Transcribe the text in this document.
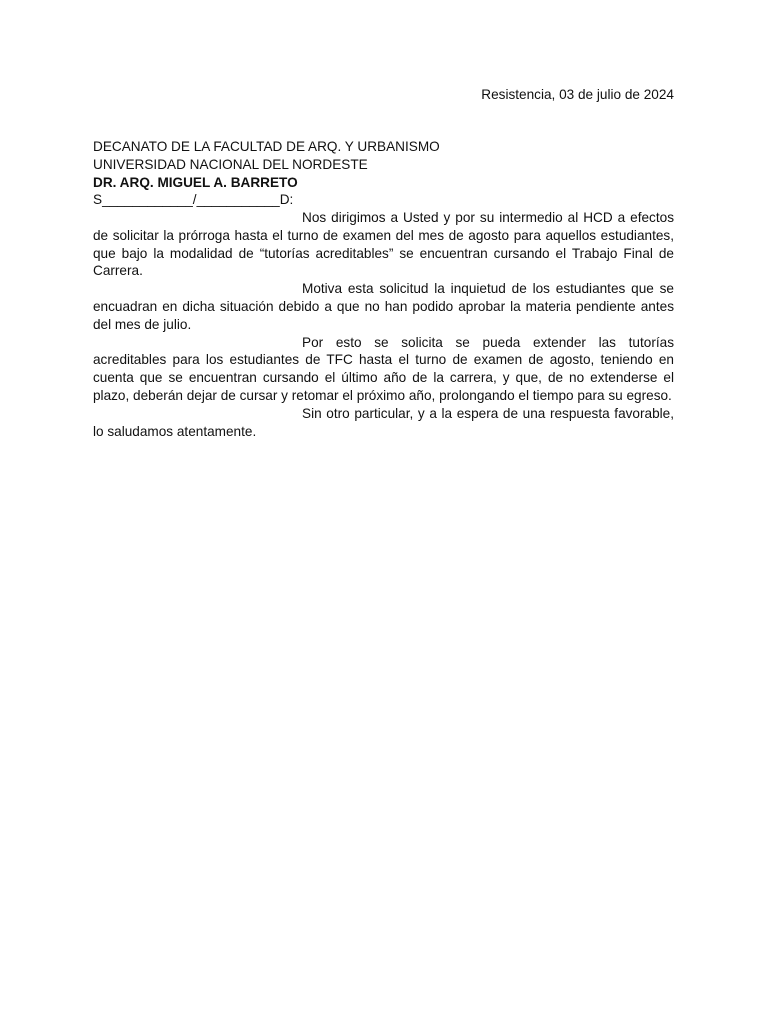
Resistencia, 03 de julio de 2024
DECANATO DE LA FACULTAD DE ARQ. Y URBANISMO
UNIVERSIDAD NACIONAL DEL NORDESTE
DR. ARQ. MIGUEL A. BARRETO
S____________/___________D:

Nos dirigimos a Usted y por su intermedio al HCD a efectos de solicitar la prórroga hasta el turno de examen del mes de agosto para aquellos estudiantes, que bajo la modalidad de “tutorías acreditables” se encuentran cursando el Trabajo Final de Carrera.

Motiva esta solicitud la inquietud de los estudiantes que se encuadran en dicha situación debido a que no han podido aprobar la materia pendiente antes del mes de julio.

Por esto se solicita se pueda extender las tutorías acreditables para los estudiantes de TFC hasta el turno de examen de agosto, teniendo en cuenta que se encuentran cursando el último año de la carrera, y que, de no extenderse el plazo, deberán dejar de cursar y retomar el próximo año, prolongando el tiempo para su egreso.

Sin otro particular, y a la espera de una respuesta favorable, lo saludamos atentamente.
